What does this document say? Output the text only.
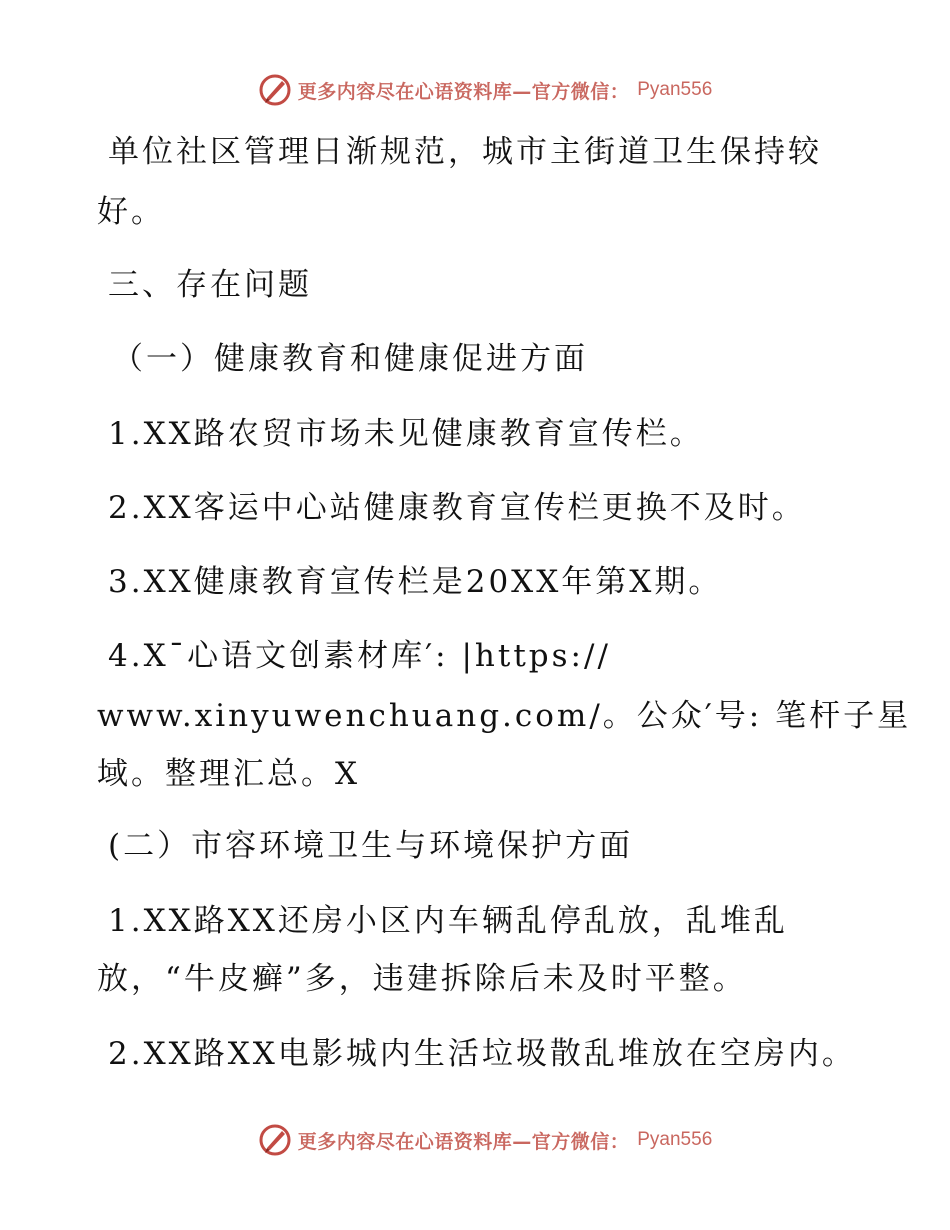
更多内容尽在心语资料库—官方微信： Pyan556
单位社区管理日渐规范，城市主街道卫生保持较
好。
三、存在问题
（一）健康教育和健康促进方面
1.XX路农贸市场未见健康教育宣传栏。
2.XX客运中心站健康教育宣传栏更换不及时。
3.XX健康教育宣传栏是20XX年第X期。
4.X¯心语文创素材库′: |https://
www.xinyuwenchuang.com/。公众′号: 笔杆子星
域。整理汇总。X
(二）市容环境卫生与环境保护方面
1.XX路XX还房小区内车辆乱停乱放，乱堆乱
放，“牛皮癣”多，违建拆除后未及时平整。
2.XX路XX电影城内生活垃圾散乱堆放在空房内。
更多内容尽在心语资料库—官方微信： Pyan556
